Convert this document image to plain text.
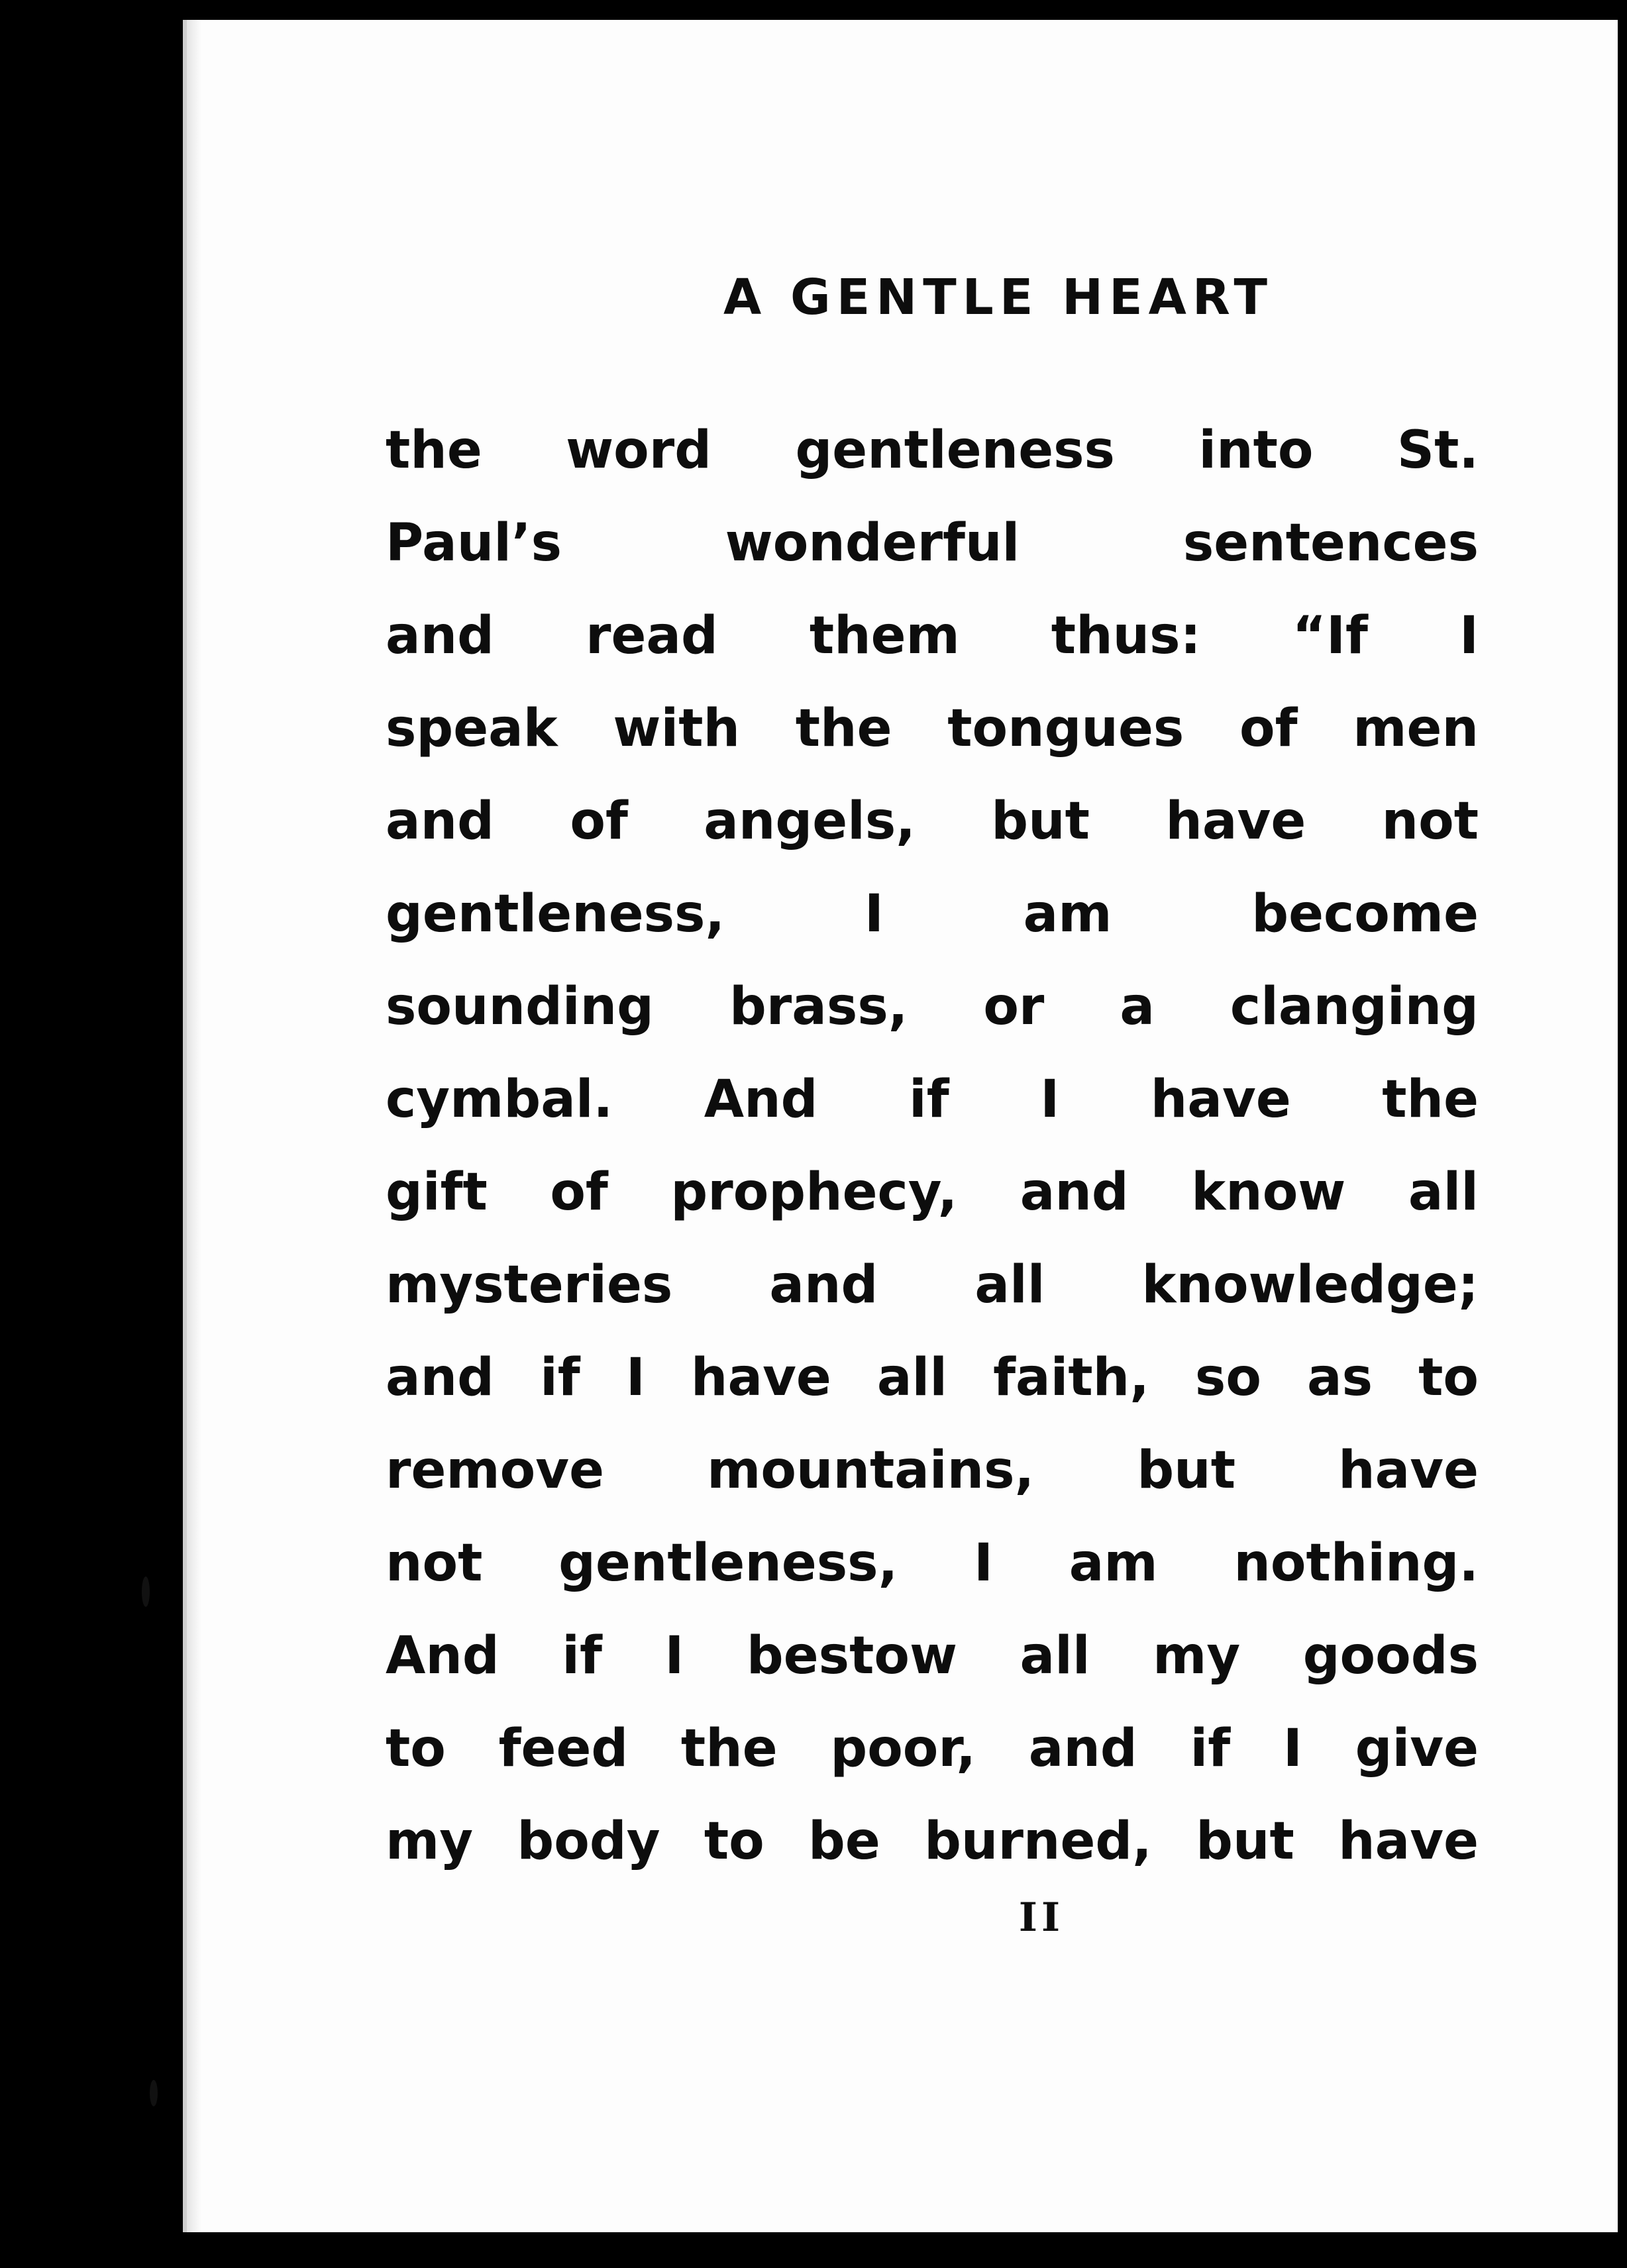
A GENTLE HEART
the word gentleness into St.
Paul’s wonderful sentences
and read them thus: “If I
speak with the tongues of men
and of angels, but have not
gentleness, I am become
sounding brass, or a clanging
cymbal. And if I have the
gift of prophecy, and know all
mysteries and all knowledge;
and if I have all faith, so as to
remove mountains, but have
not gentleness, I am nothing.
And if I bestow all my goods
to feed the poor, and if I give
my body to be burned, but have
II
